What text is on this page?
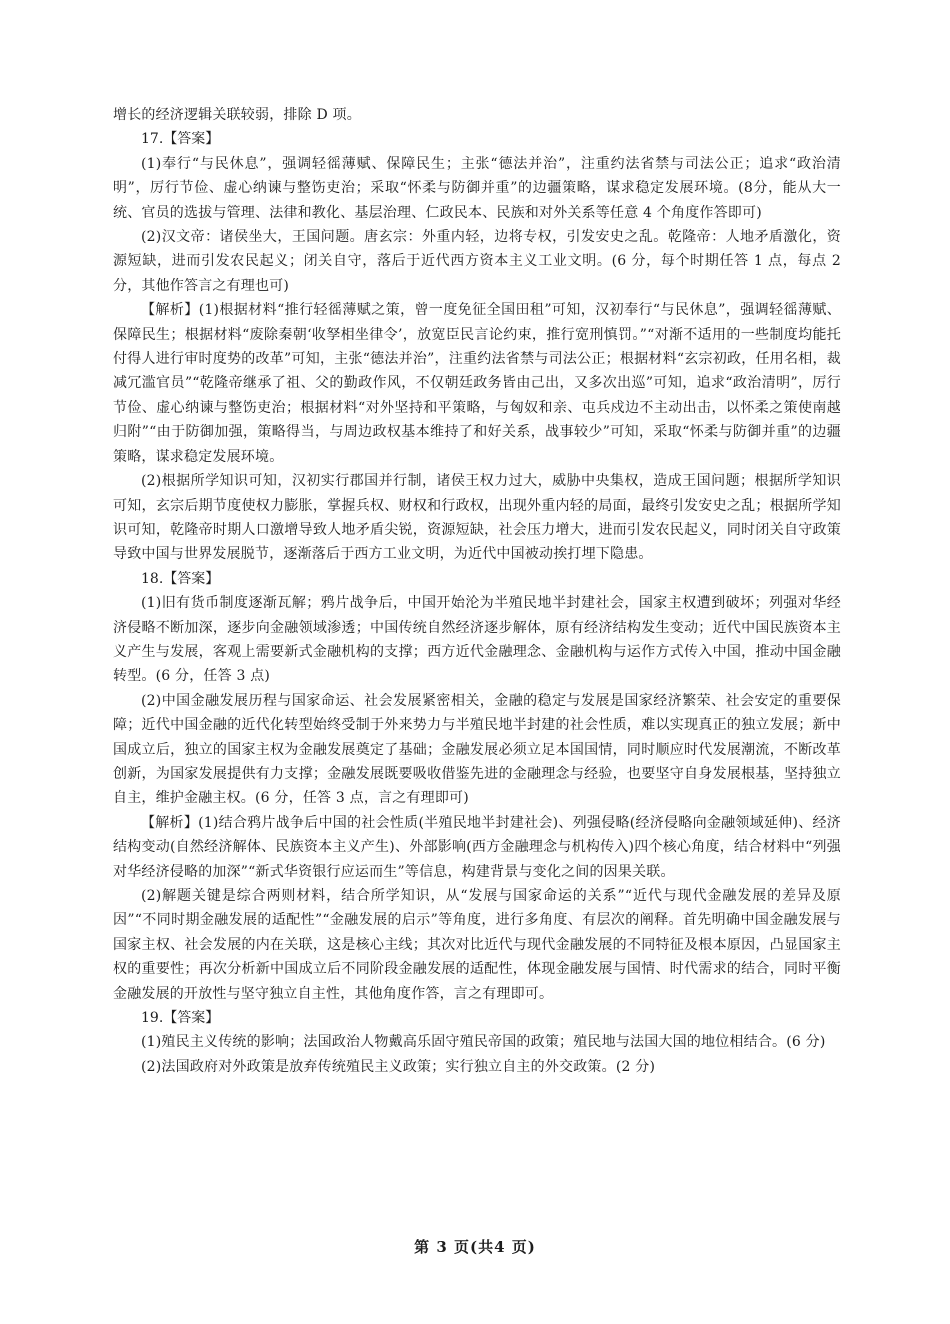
增长的经济逻辑关联较弱，排除 D 项。

17.【答案】

(1)奉行“与民休息”，强调轻徭薄赋、保障民生；主张“德法并治”，注重约法省禁与司法公正；追求“政治清明”，厉行节俭、虚心纳谏与整饬吏治；采取“怀柔与防御并重”的边疆策略，谋求稳定发展环境。(8分，能从大一统、官员的选拔与管理、法律和教化、基层治理、仁政民本、民族和对外关系等任意 4 个角度作答即可)

(2)汉文帝：诸侯坐大，王国问题。唐玄宗：外重内轻，边将专权，引发安史之乱。乾隆帝：人地矛盾激化，资源短缺，进而引发农民起义；闭关自守，落后于近代西方资本主义工业文明。(6 分，每个时期任答 1 点，每点 2 分，其他作答言之有理也可)

【解析】(1)根据材料“推行轻徭薄赋之策，曾一度免征全国田租”可知，汉初奉行“与民休息”，强调轻徭薄赋、保障民生；根据材料“废除秦朝‘收孥相坐律令’，放宽臣民言论约束，推行宽刑慎罚。”“对渐不适用的一些制度均能托付得人进行审时度势的改革”可知，主张“德法并治”，注重约法省禁与司法公正；根据材料“玄宗初政，任用名相，裁减冗滥官员”“乾隆帝继承了祖、父的勤政作风，不仅朝廷政务皆由己出，又多次出巡”可知，追求“政治清明”，厉行节俭、虚心纳谏与整饬吏治；根据材料“对外坚持和平策略，与匈奴和亲、屯兵戍边不主动出击，以怀柔之策使南越归附”“由于防御加强，策略得当，与周边政权基本维持了和好关系，战事较少”可知，采取“怀柔与防御并重”的边疆策略，谋求稳定发展环境。

(2)根据所学知识可知，汉初实行郡国并行制，诸侯王权力过大，威胁中央集权，造成王国问题；根据所学知识可知，玄宗后期节度使权力膨胀，掌握兵权、财权和行政权，出现外重内轻的局面，最终引发安史之乱；根据所学知识可知，乾隆帝时期人口激增导致人地矛盾尖锐，资源短缺，社会压力增大，进而引发农民起义，同时闭关自守政策导致中国与世界发展脱节，逐渐落后于西方工业文明，为近代中国被动挨打埋下隐患。

18.【答案】

(1)旧有货币制度逐渐瓦解；鸦片战争后，中国开始沦为半殖民地半封建社会，国家主权遭到破坏；列强对华经济侵略不断加深，逐步向金融领域渗透；中国传统自然经济逐步解体，原有经济结构发生变动；近代中国民族资本主义产生与发展，客观上需要新式金融机构的支撑；西方近代金融理念、金融机构与运作方式传入中国，推动中国金融转型。(6 分，任答 3 点)

(2)中国金融发展历程与国家命运、社会发展紧密相关，金融的稳定与发展是国家经济繁荣、社会安定的重要保障；近代中国金融的近代化转型始终受制于外来势力与半殖民地半封建的社会性质，难以实现真正的独立发展；新中国成立后，独立的国家主权为金融发展奠定了基础；金融发展必须立足本国国情，同时顺应时代发展潮流，不断改革创新，为国家发展提供有力支撑；金融发展既要吸收借鉴先进的金融理念与经验，也要坚守自身发展根基，坚持独立自主，维护金融主权。(6 分，任答 3 点，言之有理即可)

【解析】(1)结合鸦片战争后中国的社会性质(半殖民地半封建社会)、列强侵略(经济侵略向金融领域延伸)、经济结构变动(自然经济解体、民族资本主义产生)、外部影响(西方金融理念与机构传入)四个核心角度，结合材料中“列强对华经济侵略的加深”“新式华资银行应运而生”等信息，构建背景与变化之间的因果关联。

(2)解题关键是综合两则材料，结合所学知识，从“发展与国家命运的关系”“近代与现代金融发展的差异及原因”“不同时期金融发展的适配性”“金融发展的启示”等角度，进行多角度、有层次的阐释。首先明确中国金融发展与国家主权、社会发展的内在关联，这是核心主线；其次对比近代与现代金融发展的不同特征及根本原因，凸显国家主权的重要性；再次分析新中国成立后不同阶段金融发展的适配性，体现金融发展与国情、时代需求的结合，同时平衡金融发展的开放性与坚守独立自主性，其他角度作答，言之有理即可。

19.【答案】

(1)殖民主义传统的影响；法国政治人物戴高乐固守殖民帝国的政策；殖民地与法国大国的地位相结合。(6 分)

(2)法国政府对外政策是放弃传统殖民主义政策；实行独立自主的外交政策。(2 分)

第 3 页(共4 页)
